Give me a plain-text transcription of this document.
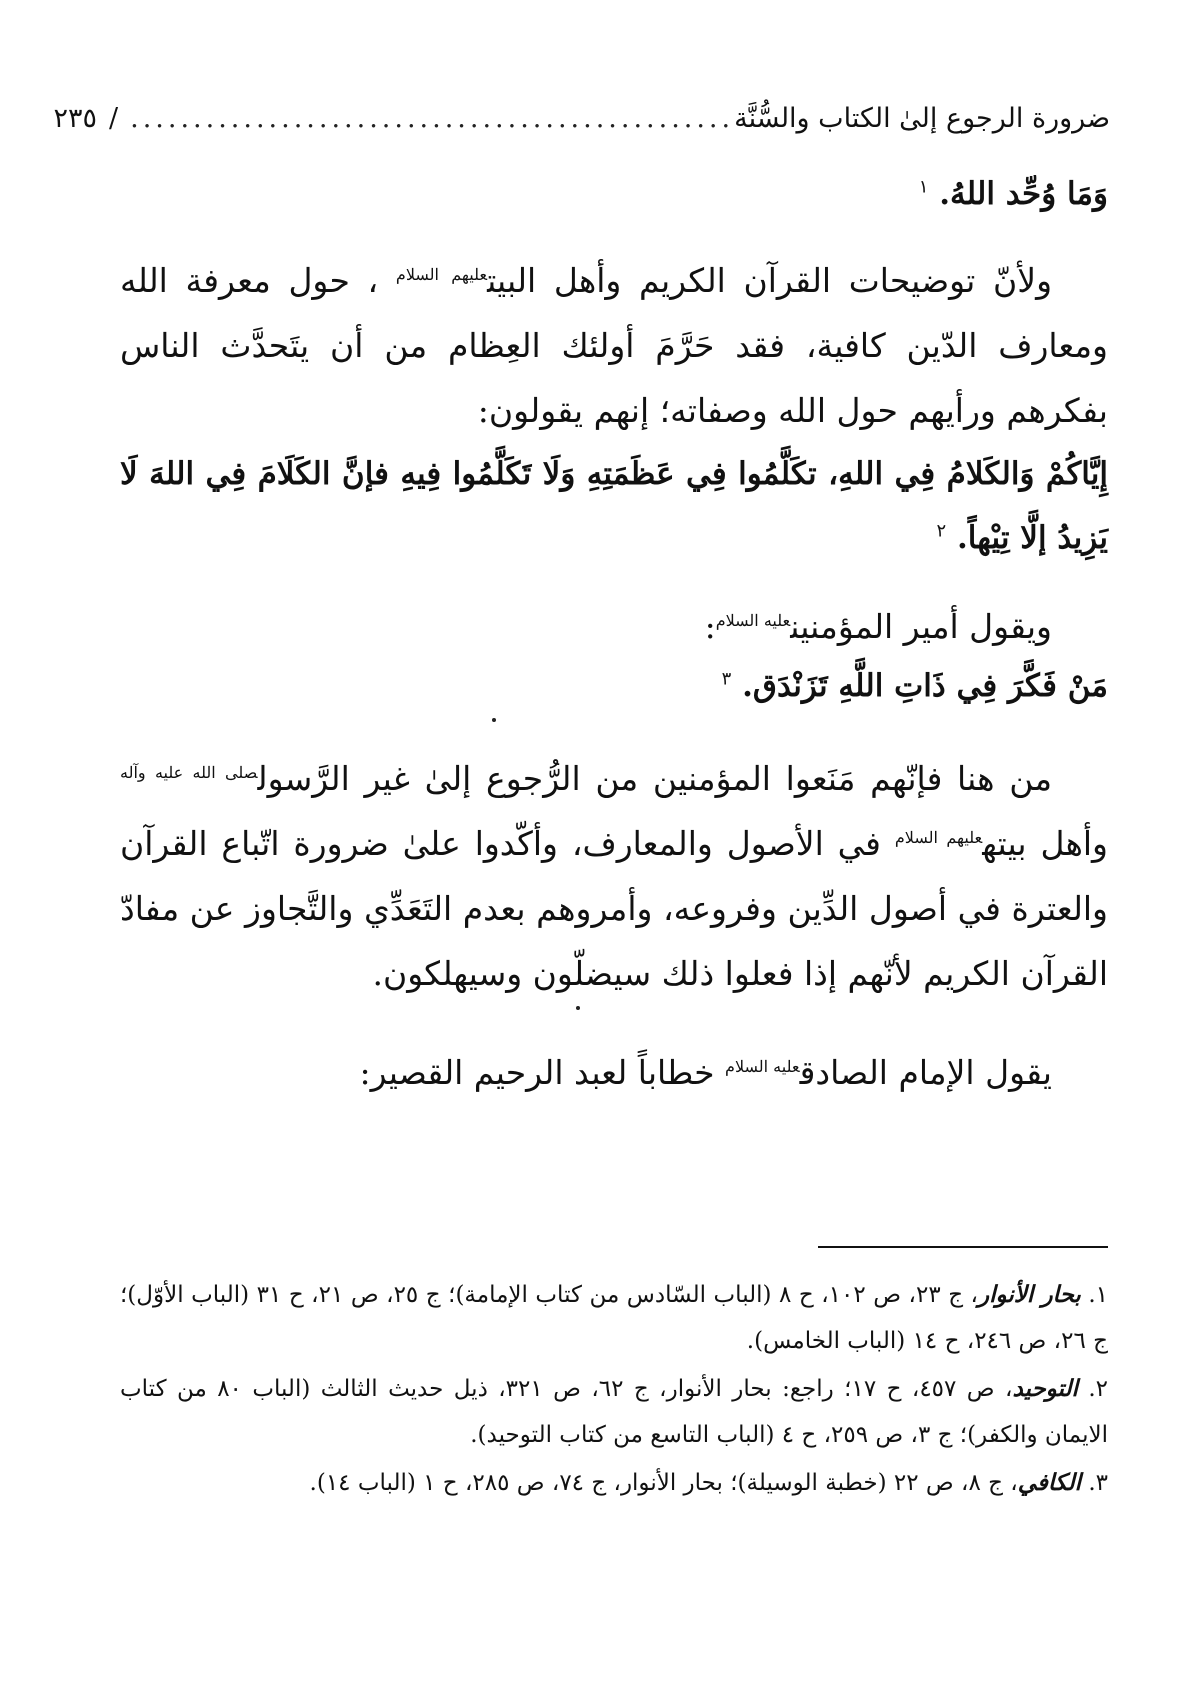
ضرورة الرجوع إلىٰ الكتاب والسُّنَّة
................................................
/
٢٣٥
وَمَا وُحِّد اللهُ. $^١$
ولأنّ توضيحات القرآن الكريم وأهل البيت$^{عليهم السلام}$ ، حول معرفة الله ومعارف الدّين كافية، فقد حَرَّمَ أولئك العِظام من أن يتَحدَّث الناس بفكرهم ورأيهم حول الله وصفاته؛ إنهم يقولون:
إِيَّاكُمْ وَالكَلامُ فِي اللهِ، تكَلَّمُوا فِي عَظَمَتِهِ وَلَا تَكَلَّمُوا فِيهِ فإنَّ الكَلَامَ فِي اللهَ لَا يَزِيدُ إلَّا تِيْهاً. $^٢$
ويقول أمير المؤمنين$^{عليه السلام}$:
مَنْ فَكَّرَ فِي ذَاتِ اللَّهِ تَزَنْدَق. $^٣$
من هنا فإنّهم مَنَعوا المؤمنين من الرُّجوع إلىٰ غير الرَّسول$^{صلى الله عليه وآله}$ وأهل بيته$^{عليهم السلام}$ في الأصول والمعارف، وأكّدوا علىٰ ضرورة اتّباع القرآن والعترة في أصول الدِّين وفروعه، وأمروهم بعدم التَعَدِّي والتَّجاوز عن مفادّ القرآن الكريم لأنّهم إذا فعلوا ذلك سيضلّون وسيهلكون.
يقول الإمام الصادق$^{عليه السلام}$ خطاباً لعبد الرحيم القصير:
١. بحار الأنوار، ج ٢٣، ص ١٠٢، ح ٨ (الباب السّادس من كتاب الإمامة)؛ ج ٢٥، ص ٢١، ح ٣١ (الباب الأوّل)؛ ج ٢٦، ص ٢٤٦، ح ١٤ (الباب الخامس).
٢. التوحيد، ص ٤٥٧، ح ١٧؛ راجع: بحار الأنوار، ج ٦٢، ص ٣٢١، ذيل حديث الثالث (الباب ٨٠ من كتاب الايمان والكفر)؛ ج ٣، ص ٢٥٩، ح ٤ (الباب التاسع من كتاب التوحيد).
٣. الكافي، ج ٨، ص ٢٢ (خطبة الوسيلة)؛ بحار الأنوار، ج ٧٤، ص ٢٨٥، ح ١ (الباب ١٤).
